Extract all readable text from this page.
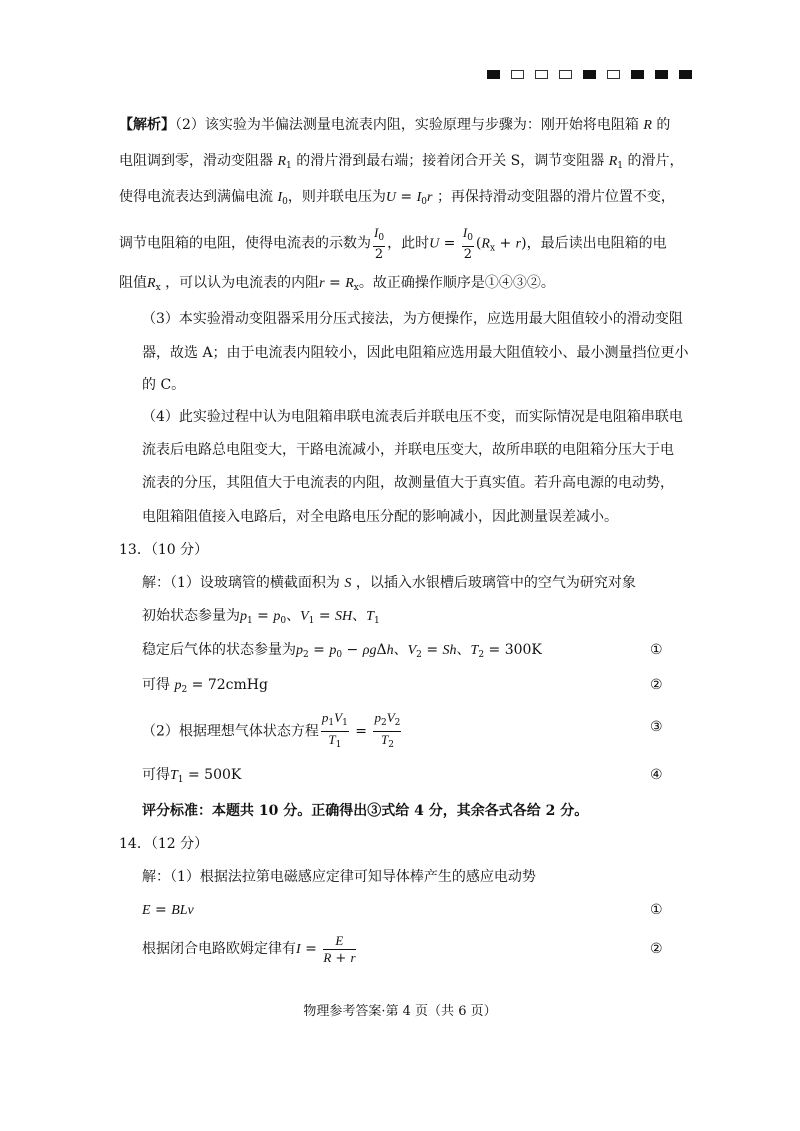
【解析】（2）该实验为半偏法测量电流表内阻，实验原理与步骤为：刚开始将电阻箱 R 的
电阻调到零，滑动变阻器 $R_1$ 的滑片滑到最右端；接着闭合开关 S，调节变阻器 $R_1$ 的滑片，
使得电流表达到满偏电流 $I_0$，则并联电压为$U = I_0r$ ；再保持滑动变阻器的滑片位置不变，
调节电阻箱的电阻，使得电流表的示数为 $\frac{I_0}{2}$ ，此时$U = \frac{I_0}{2} (R_x + r)$，最后读出电阻箱的电
阻值$R_x$ ，可以认为电流表的内阻$r = R_x$。故正确操作顺序是①④③②。
（3）本实验滑动变阻器采用分压式接法，为方便操作，应选用最大阻值较小的滑动变阻
器，故选 A；由于电流表内阻较小，因此电阻箱应选用最大阻值较小、最小测量挡位更小
的 C。
（4）此实验过程中认为电阻箱串联电流表后并联电压不变，而实际情况是电阻箱串联电
流表后电路总电阻变大，干路电流减小，并联电压变大，故所串联的电阻箱分压大于电
流表的分压，其阻值大于电流表的内阻，故测量值大于真实值。若升高电源的电动势，
电阻箱阻值接入电路后，对全电路电压分配的影响减小，因此测量误差减小。
13．（10 分）
解：（1）设玻璃管的横截面积为 S ，以插入水银槽后玻璃管中的空气为研究对象
初始状态参量为$p_1 = p_0$、$V_1$ = SH、$T_1$
稳定后气体的状态参量为$p_2 = p_0 - \rho g\Delta h$、$V_2 = Sh$、$T_2 = 300K$	①
可得 $p_2$ = 72cmHg	②
（2）根据理想气体状态方程 $\frac{p_1V_1}{T_1} = \frac{p_2V_2}{T_2}$	③
可得$T_1 = 500K$	④
评分标准：本题共 10 分。正确得出③式给 4 分，其余各式各给 2 分。
14．（12 分）
解：（1）根据法拉第电磁感应定律可知导体棒产生的感应电动势
E = BLv	①
根据闭合电路欧姆定律有$I = \frac{E}{R + r}$	②
物理参考答案·第 4 页（共 6 页）
